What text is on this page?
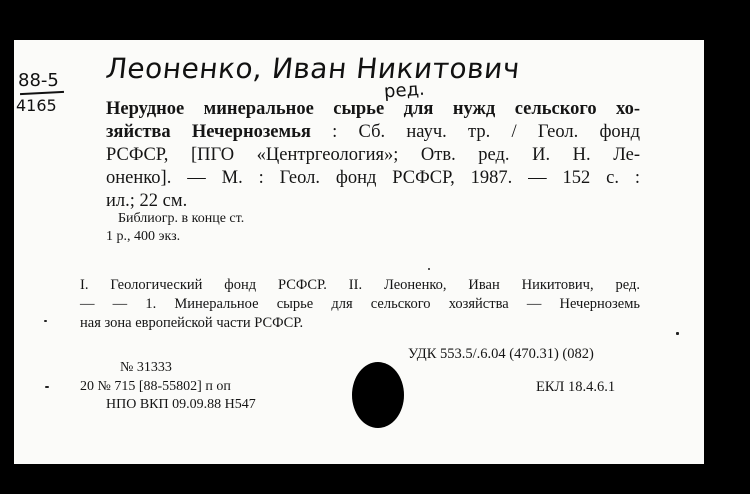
88-5
4165
Леоненко, Иван Никитович
ред.
Нерудное минеральное сырье для нужд сельского хо-
зяйства Нечерноземья : Сб. науч. тр. / Геол. фонд
РСФСР, [ПГО «Центргеология»; Отв. ред. И. Н. Ле-
оненко]. — М. : Геол. фонд РСФСР, 1987. — 152 с. :
ил.; 22 см.
Библиогр. в конце ст.
1 р., 400 экз.
I. Геологический фонд РСФСР. II. Леоненко, Иван Никитович, ред.
— — 1. Минеральное сырье для сельского хозяйства — Нечерноземь
ная зона европейской части РСФСР.
УДК 553.5/.6.04 (470.31) (082)
ЕКЛ 18.4.6.1
№ 31333
20 № 715 [88-55802] п оп
НПО ВКП 09.09.88 Н547
